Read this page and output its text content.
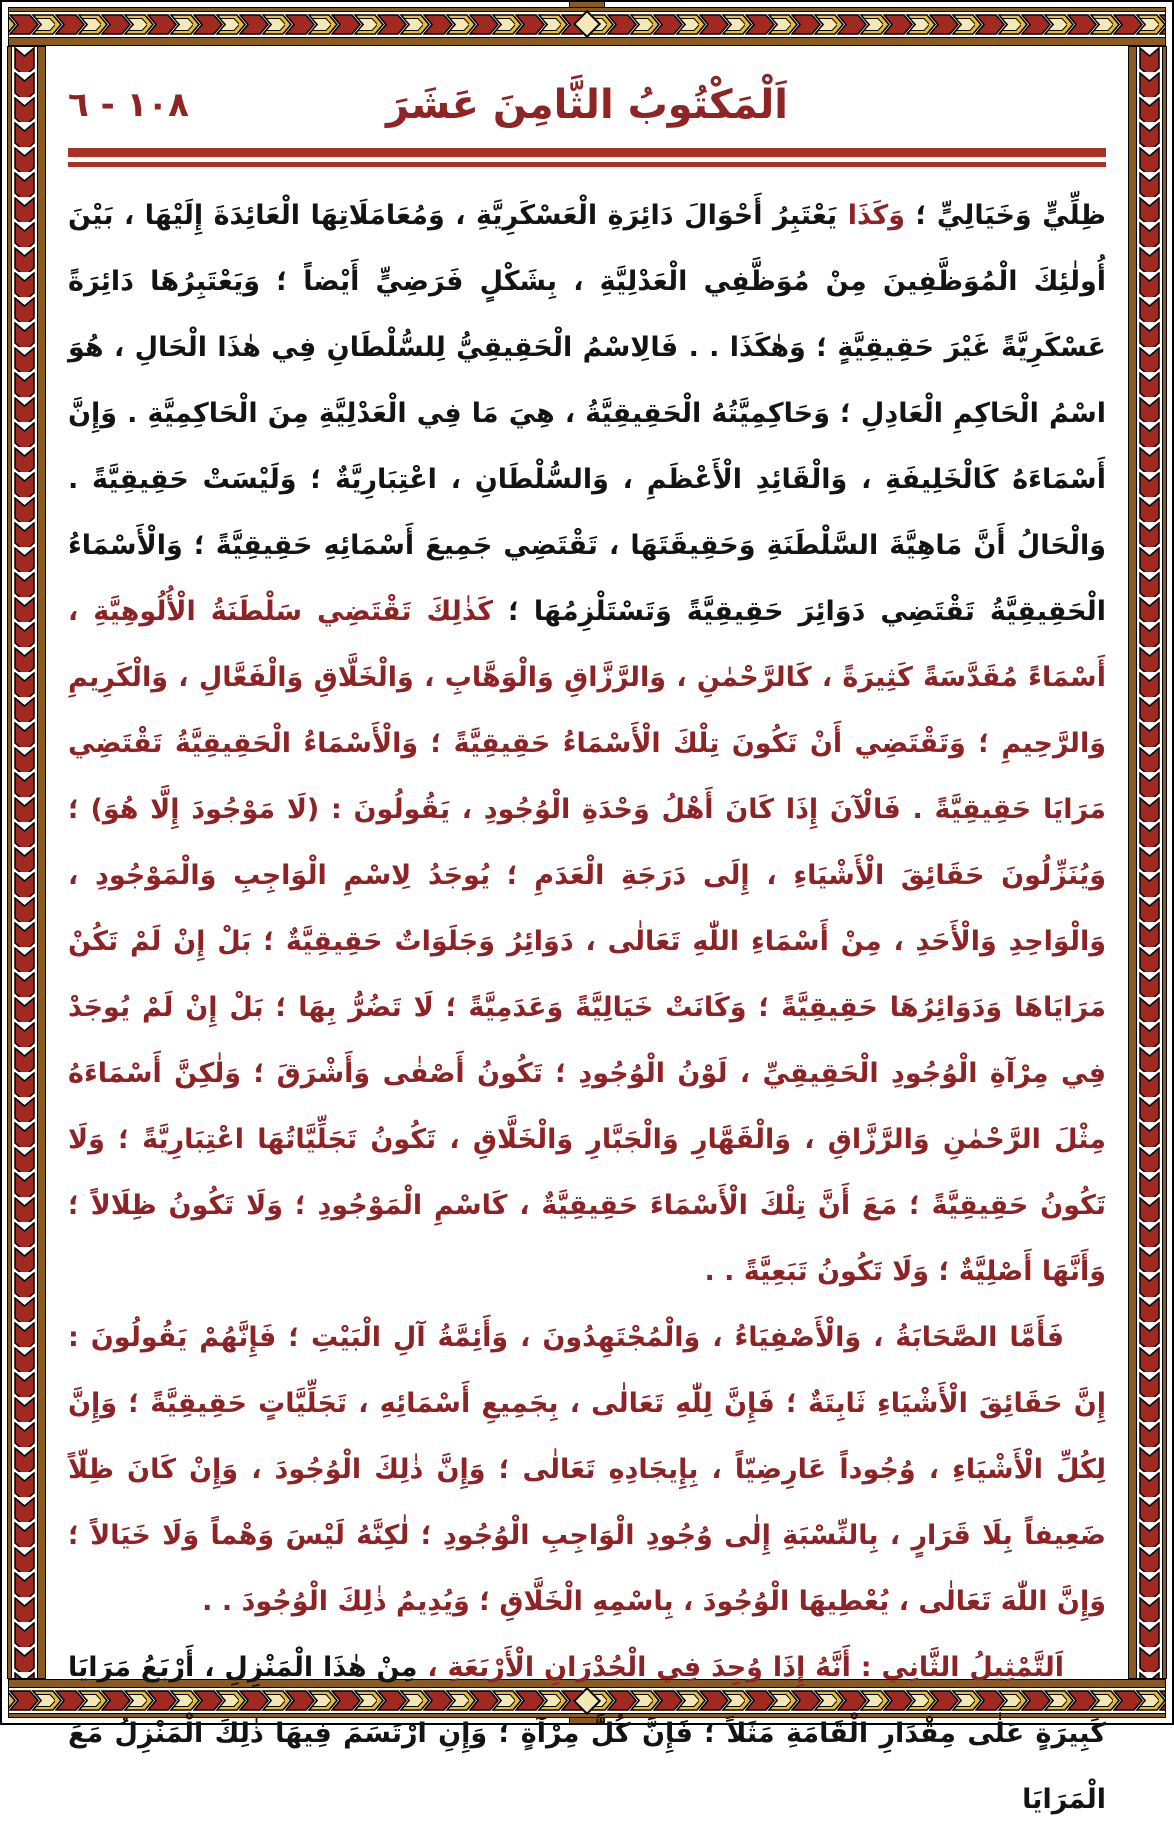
اَلْمَكْتُوبُ الثَّامِنَ عَشَرَ
١٠٨ - ٦

ظِلِّيٍّ وَخَيَالِيٍّ ؛ وَكَذَا يَعْتَبِرُ أَحْوَالَ دَائِرَةِ الْعَسْكَرِيَّةِ ، وَمُعَامَلَاتِهَا الْعَائِدَةَ إِلَيْهَا ، بَيْنَ أُولٰئِكَ الْمُوَظَّفِينَ مِنْ مُوَظَّفِي الْعَدْلِيَّةِ ، بِشَكْلٍ فَرَضِيٍّ أَيْضاً ؛ وَيَعْتَبِرُهَا دَائِرَةً عَسْكَرِيَّةً غَيْرَ حَقِيقِيَّةٍ ؛ وَهٰكَذَا . . فَالِاسْمُ الْحَقِيقِيُّ لِلسُّلْطَانِ فِي هٰذَا الْحَالِ ، هُوَ اسْمُ الْحَاكِمِ الْعَادِلِ ؛ وَحَاكِمِيَّتُهُ الْحَقِيقِيَّةُ ، هِيَ مَا فِي الْعَدْلِيَّةِ مِنَ الْحَاكِمِيَّةِ . وَإِنَّ أَسْمَاءَهُ كَالْخَلِيفَةِ ، وَالْقَائِدِ الْأَعْظَمِ ، وَالسُّلْطَانِ ، اعْتِبَارِيَّةٌ ؛ وَلَيْسَتْ حَقِيقِيَّةً . وَالْحَالُ أَنَّ مَاهِيَّةَ السَّلْطَنَةِ وَحَقِيقَتَهَا ، تَقْتَضِي جَمِيعَ أَسْمَائِهِ حَقِيقِيَّةً ؛ وَالْأَسْمَاءُ الْحَقِيقِيَّةُ تَقْتَضِي دَوَائِرَ حَقِيقِيَّةً وَتَسْتَلْزِمُهَا ؛ كَذٰلِكَ تَقْتَضِي سَلْطَنَةُ الْأُلُوهِيَّةِ ، أَسْمَاءً مُقَدَّسَةً كَثِيرَةً ، كَالرَّحْمٰنِ ، وَالرَّزَّاقِ وَالْوَهَّابِ ، وَالْخَلَّاقِ وَالْفَعَّالِ ، وَالْكَرِيمِ وَالرَّحِيمِ ؛ وَتَقْتَضِي أَنْ تَكُونَ تِلْكَ الْأَسْمَاءُ حَقِيقِيَّةً ؛ وَالْأَسْمَاءُ الْحَقِيقِيَّةُ تَقْتَضِي مَرَايَا حَقِيقِيَّةً . فَالْآنَ إِذَا كَانَ أَهْلُ وَحْدَةِ الْوُجُودِ ، يَقُولُونَ : (لَا مَوْجُودَ إِلَّا هُوَ) ؛ وَيُنَزِّلُونَ حَقَائِقَ الْأَشْيَاءِ ، إِلَى دَرَجَةِ الْعَدَمِ ؛ يُوجَدُ لِاسْمِ الْوَاجِبِ وَالْمَوْجُودِ ، وَالْوَاحِدِ وَالْأَحَدِ ، مِنْ أَسْمَاءِ اللّٰهِ تَعَالٰى ، دَوَائِرُ وَجَلَوَاتٌ حَقِيقِيَّةٌ ؛ بَلْ إِنْ لَمْ تَكُنْ مَرَايَاهَا وَدَوَائِرُهَا حَقِيقِيَّةً ؛ وَكَانَتْ خَيَالِيَّةً وَعَدَمِيَّةً ؛ لَا تَضُرُّ بِهَا ؛ بَلْ إِنْ لَمْ يُوجَدْ فِي مِرْآةِ الْوُجُودِ الْحَقِيقِيِّ ، لَوْنُ الْوُجُودِ ؛ تَكُونُ أَصْفٰى وَأَشْرَقَ ؛ وَلٰكِنَّ أَسْمَاءَهُ مِثْلَ الرَّحْمٰنِ وَالرَّزَّاقِ ، وَالْقَهَّارِ وَالْجَبَّارِ وَالْخَلَّاقِ ، تَكُونُ تَجَلِّيَّاتُهَا اعْتِبَارِيَّةً ؛ وَلَا تَكُونُ حَقِيقِيَّةً ؛ مَعَ أَنَّ تِلْكَ الْأَسْمَاءَ حَقِيقِيَّةٌ ، كَاسْمِ الْمَوْجُودِ ؛ وَلَا تَكُونُ ظِلَالاً ؛ وَأَنَّهَا أَصْلِيَّةٌ ؛ وَلَا تَكُونُ تَبَعِيَّةً . .

فَأَمَّا الصَّحَابَةُ ، وَالْأَصْفِيَاءُ ، وَالْمُجْتَهِدُونَ ، وَأَئِمَّةُ آلِ الْبَيْتِ ؛ فَإِنَّهُمْ يَقُولُونَ : إِنَّ حَقَائِقَ الْأَشْيَاءِ ثَابِتَةٌ ؛ فَإِنَّ لِلّٰهِ تَعَالٰى ، بِجَمِيعِ أَسْمَائِهِ ، تَجَلِّيَّاتٍ حَقِيقِيَّةً ؛ وَإِنَّ لِكُلِّ الْأَشْيَاءِ ، وُجُوداً عَارِضِيّاً ، بِإِيجَادِهِ تَعَالٰى ؛ وَإِنَّ ذٰلِكَ الْوُجُودَ ، وَإِنْ كَانَ ظِلّاً ضَعِيفاً بِلَا قَرَارٍ ، بِالنِّسْبَةِ إِلٰى وُجُودِ الْوَاجِبِ الْوُجُودِ ؛ لٰكِنَّهُ لَيْسَ وَهْماً وَلَا خَيَالاً ؛ وَإِنَّ اللّٰهَ تَعَالٰى ، يُعْطِيهَا الْوُجُودَ ، بِاسْمِهِ الْخَلَّاقِ ؛ وَيُدِيمُ ذٰلِكَ الْوُجُودَ . .

اَلتَّمْثِيلُ الثَّانِي : أَنَّهُ إِذَا وُجِدَ فِي الْجُدْرَانِ الْأَرْبَعَةِ ، مِنْ هٰذَا الْمَنْزِلِ ، أَرْبَعُ مَرَايَا كَبِيرَةٍ عَلٰى مِقْدَارِ الْقَامَةِ مَثَلاً ؛ فَإِنَّ كُلَّ مِرْآةٍ ؛ وَإِنِ ارْتَسَمَ فِيهَا ذٰلِكَ الْمَنْزِلُ مَعَ الْمَرَايَا
